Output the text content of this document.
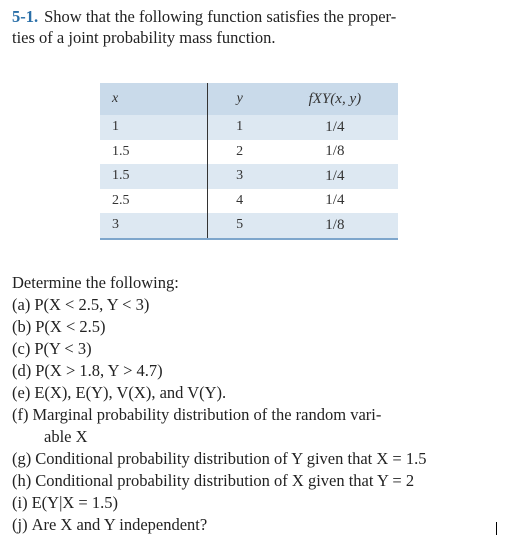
5-1. Show that the following function satisfies the proper-
ties of a joint probability mass function.
x	y	fXY(x, y)
1	1	1/4
1.5	2	1/8
1.5	3	1/4
2.5	4	1/4
3	5	1/8
Determine the following:
(a) P(X < 2.5, Y < 3)
(b) P(X < 2.5)
(c) P(Y < 3)
(d) P(X > 1.8, Y > 4.7)
(e) E(X), E(Y), V(X), and V(Y).
(f) Marginal probability distribution of the random vari-
able X
(g) Conditional probability distribution of Y given that X = 1.5
(h) Conditional probability distribution of X given that Y = 2
(i) E(Y|X = 1.5)
(j) Are X and Y independent?
